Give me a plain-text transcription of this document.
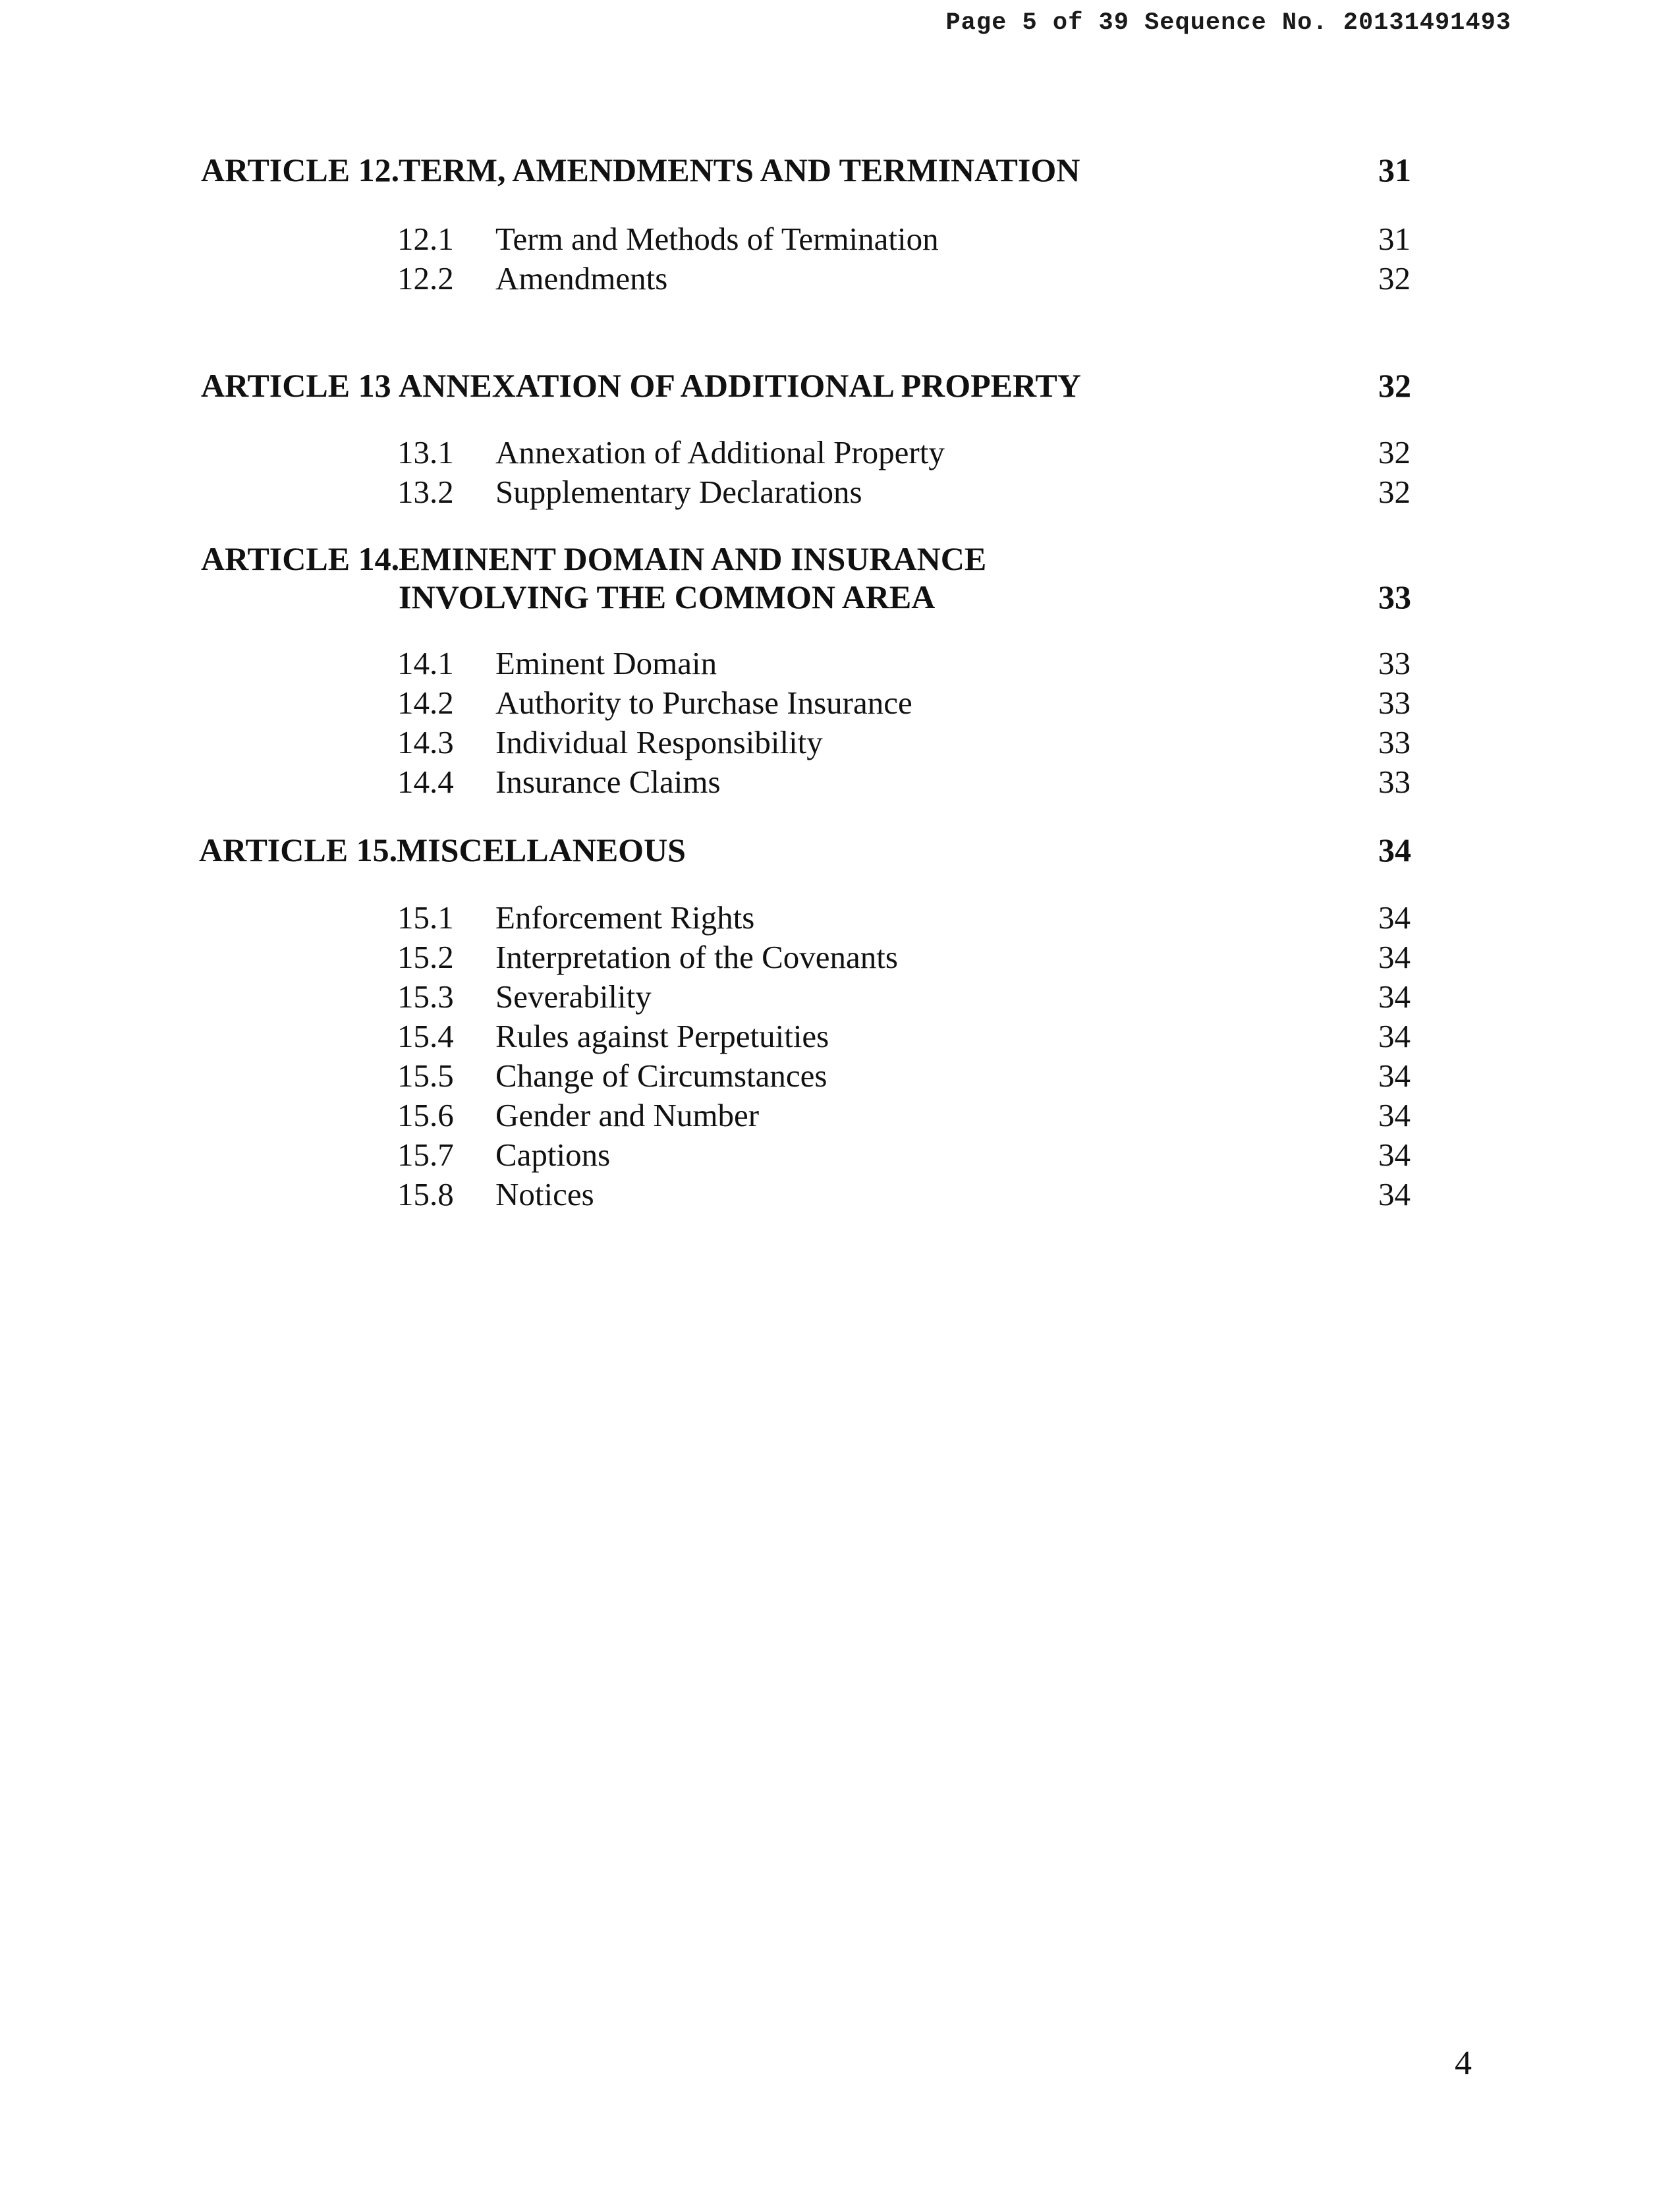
Page 5 of 39 Sequence No. 20131491493
ARTICLE 12.
TERM, AMENDMENTS AND TERMINATION	31
12.1 Term and Methods of Termination	31
12.2 Amendments	32
ARTICLE 13 ANNEXATION OF ADDITIONAL PROPERTY	32
13.1 Annexation of Additional Property	32
13.2 Supplementary Declarations	32
ARTICLE 14.
EMINENT DOMAIN AND INSURANCE
INVOLVING THE COMMON AREA	33
14.1 Eminent Domain	33
14.2 Authority to Purchase Insurance	33
14.3 Individual Responsibility	33
14.4 Insurance Claims	33
ARTICLE 15.
MISCELLANEOUS	34
15.1 Enforcement Rights	34
15.2 Interpretation of the Covenants	34
15.3 Severability	34
15.4 Rules against Perpetuities	34
15.5 Change of Circumstances	34
15.6 Gender and Number	34
15.7 Captions	34
15.8 Notices	34
4
